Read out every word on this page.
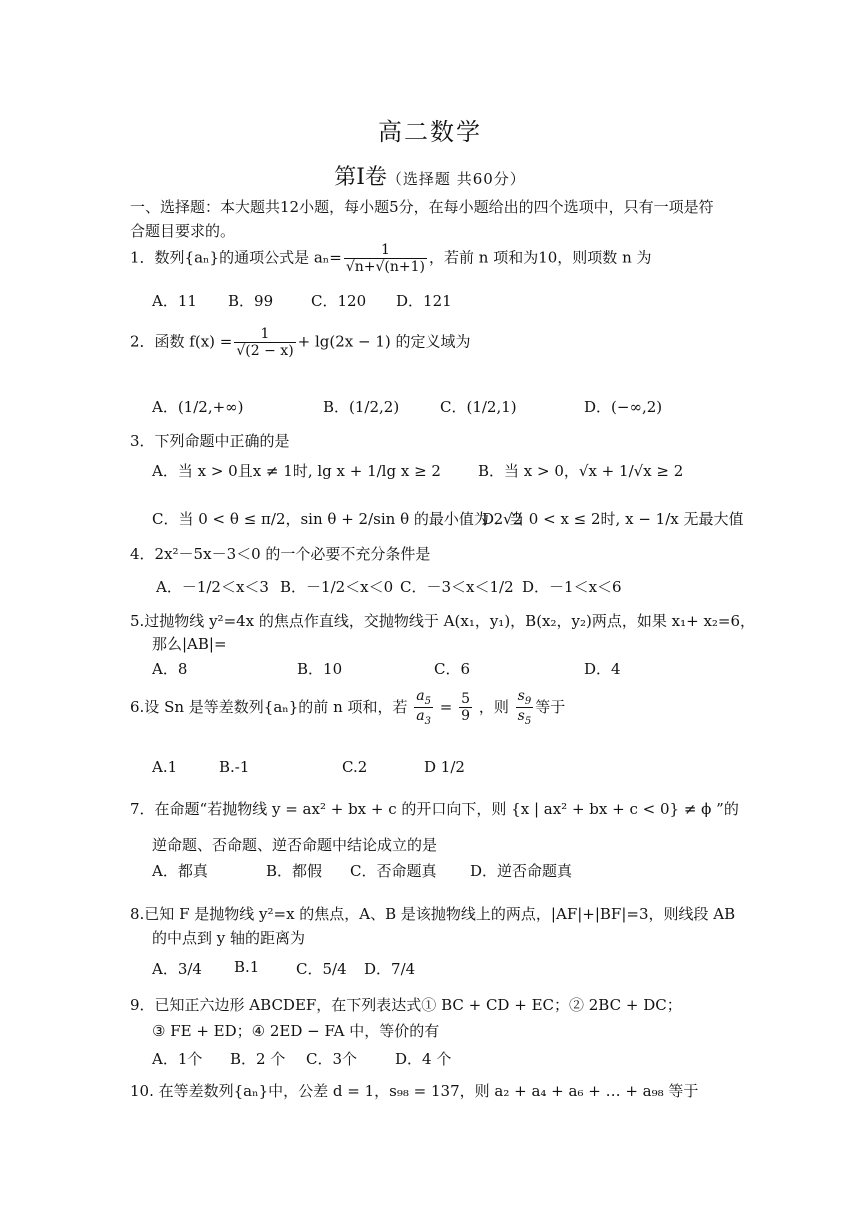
高二数学
第Ⅰ卷（选择题 共60分）
一、选择题：本大题共12小题，每小题5分，在每小题给出的四个选项中，只有一项是符
合题目要求的。
1．数列{aₙ}的通项公式是 $a_n= \frac{1}{√n+√(n+1)}$ ，若前 n 项和为10，则项数 n 为
A．11 B．99	C．120 D．121
2．函数 $f(x) = \frac{1}{√(2 - x)} + \lg(2x - 1)$ 的定义域为
A．(1/2,+∞)	B．(1/2,2)	C．(1/2,1)	D．(−∞,2)
3．下列命题中正确的是
A．当 x > 0且x ≠ 1时, lg x + 1/lg x ≥ 2 B．当 x > 0，√x + 1/√x ≥ 2
C．当 0 < θ ≤ π/2，sin θ + 2/sin θ 的最小值为 2√2
D．当 0 < x ≤ 2时, x − 1/x 无最大值
4．2x²－5x－3＜0 的一个必要不充分条件是
A．－1/2＜x＜3 B．－1/2＜x＜0 C．－3＜x＜1/2 D．－1＜x＜6
5.过抛物线 y²=4x 的焦点作直线，交抛物线于 A(x₁，y₁)，B(x₂，y₂)两点，如果 x₁+ x₂=6，
那么|AB|=
A．8	B．10	C．6	D．4
6.设 Sn 是等差数列{aₙ}的前 n 项和，若 $\frac{a_5}{a_3} = \frac{5}{9}$ ，则 $\frac{s_9}{s_5}$ 等于
A.1	B.-1	C.2	D 1/2
7．在命题“若抛物线 y = ax² + bx + c 的开口向下，则 {x | ax² + bx + c < 0} ≠ ϕ ”的
逆命题、否命题、逆否命题中结论成立的是
A．都真	B．都假 C．否命题真 D．逆否命题真
8.已知 F 是抛物线 y²=x 的焦点，A、B 是该抛物线上的两点，|AF|+|BF|=3，则线段 AB
的中点到 y 轴的距离为
A．3/4 B.1 C．5/4 D．7/4
9．已知正六边形 ABCDEF，在下列表达式① BC + CD + EC；② 2BC + DC；
③ FE + ED；④ 2ED − FA 中，等价的有
A．1个 B．2 个 C．3个	D．4 个
10. 在等差数列{aₙ}中，公差 d = 1，s₉₈ = 137，则 a₂ + a₄ + a₆ + … + a₉₈ 等于
